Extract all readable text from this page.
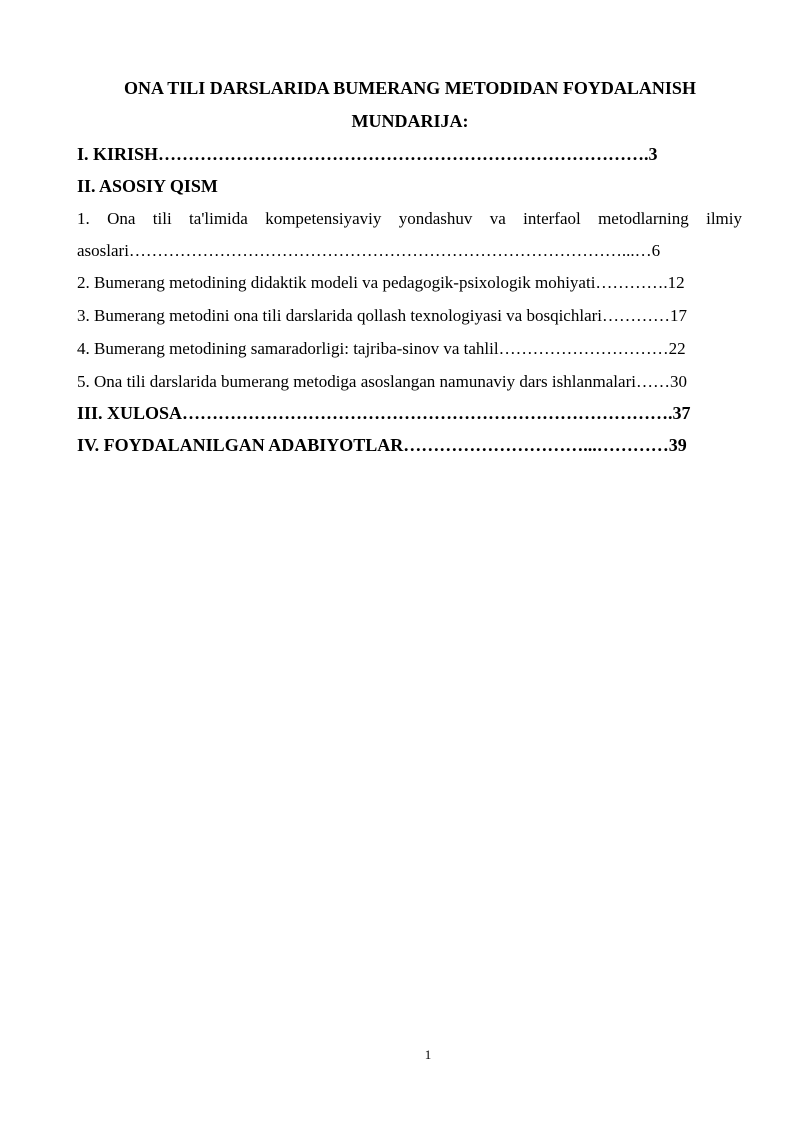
ONA TILI DARSLARIDA BUMERANG METODIDAN FOYDALANISH
MUNDARIJA:
I. KIRISH……………………………………………………………………….3
II. ASOSIY QISM
1. Ona tili ta'limida kompetensiyaviy yondashuv va interfaol metodlarning ilmiy
asoslari……………………………………………………………………………...…6
2. Bumerang metodining didaktik modeli va pedagogik-psixologik mohiyati………….12
3. Bumerang metodini ona tili darslarida qollash texnologiyasi va bosqichlari…………17
4. Bumerang metodining samaradorligi: tajriba-sinov va tahlil…………………………22
5. Ona tili darslarida bumerang metodiga asoslangan namunaviy dars ishlanmalari……30
III. XULOSA……………………………………………………………………….37
IV. FOYDALANILGAN ADABIYOTLAR…………………………...…………39
1
